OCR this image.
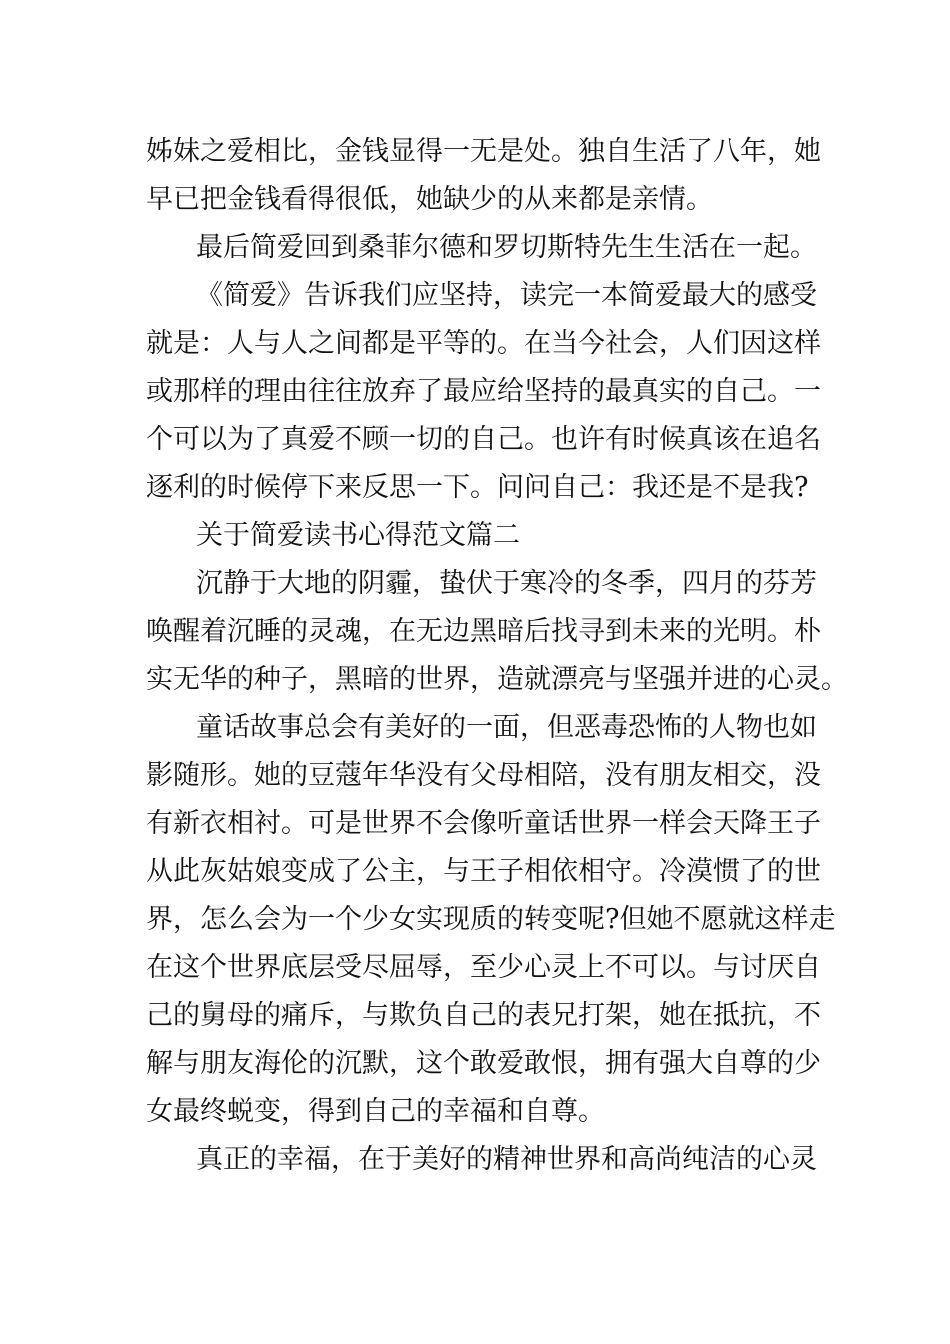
姊妹之爱相比，金钱显得一无是处。独自生活了八年，她
早已把金钱看得很低，她缺少的从来都是亲情。
最后简爱回到桑菲尔德和罗切斯特先生生活在一起。
《简爱》告诉我们应坚持，读完一本简爱最大的感受
就是：人与人之间都是平等的。在当今社会，人们因这样
或那样的理由往往放弃了最应给坚持的最真实的自己。一
个可以为了真爱不顾一切的自己。也许有时候真该在追名
逐利的时候停下来反思一下。问问自己：我还是不是我?
关于简爱读书心得范文篇二
沉静于大地的阴霾，蛰伏于寒冷的冬季，四月的芬芳
唤醒着沉睡的灵魂，在无边黑暗后找寻到未来的光明。朴
实无华的种子，黑暗的世界，造就漂亮与坚强并进的心灵。
童话故事总会有美好的一面，但恶毒恐怖的人物也如
影随形。她的豆蔻年华没有父母相陪，没有朋友相交，没
有新衣相衬。可是世界不会像听童话世界一样会天降王子
从此灰姑娘变成了公主，与王子相依相守。冷漠惯了的世
界，怎么会为一个少女实现质的转变呢?但她不愿就这样走
在这个世界底层受尽屈辱，至少心灵上不可以。与讨厌自
己的舅母的痛斥，与欺负自己的表兄打架，她在抵抗，不
解与朋友海伦的沉默，这个敢爱敢恨，拥有强大自尊的少
女最终蜕变，得到自己的幸福和自尊。
真正的幸福，在于美好的精神世界和高尚纯洁的心灵
